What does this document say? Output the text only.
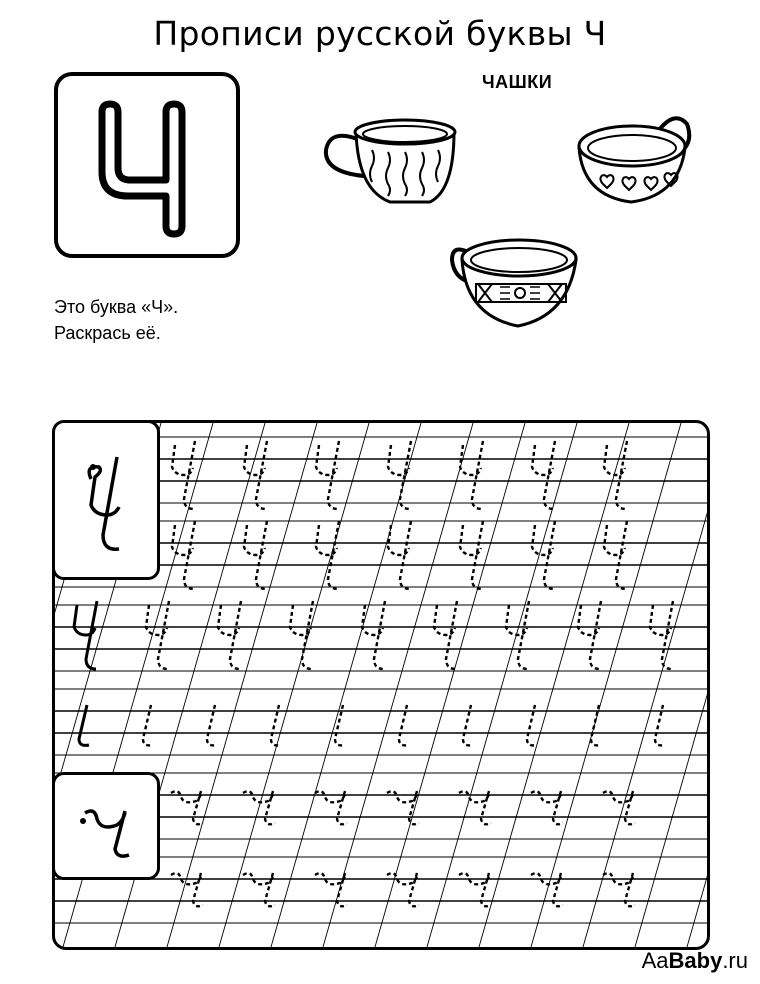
Прописи русской буквы Ч
ЧАШКИ
Это буква «Ч».
Раскрась её.
AaBaby.ru
